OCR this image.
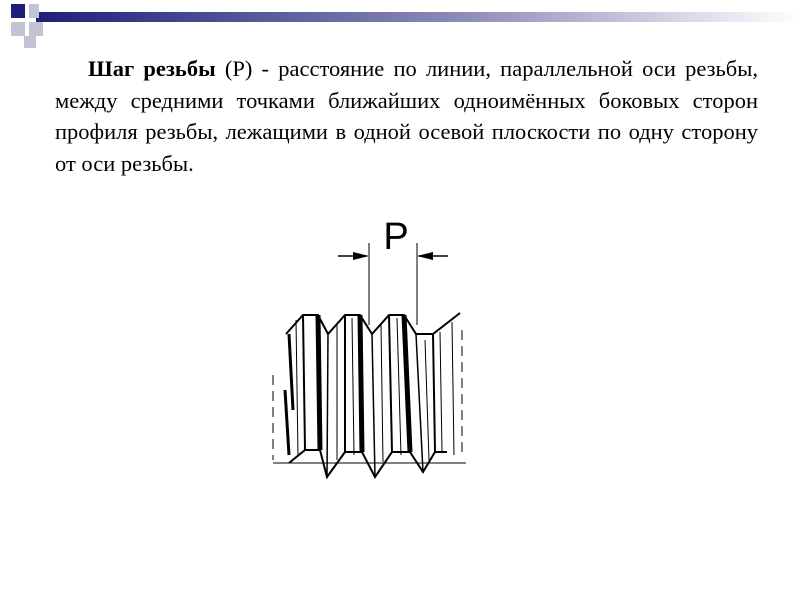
Шаг резьбы (Р) - расстояние по линии, параллельной оси резьбы, между средними точками ближайших одноимённых боковых сторон профиля резьбы, лежащими в одной осевой плоскости по одну сторону от оси резьбы.
P
